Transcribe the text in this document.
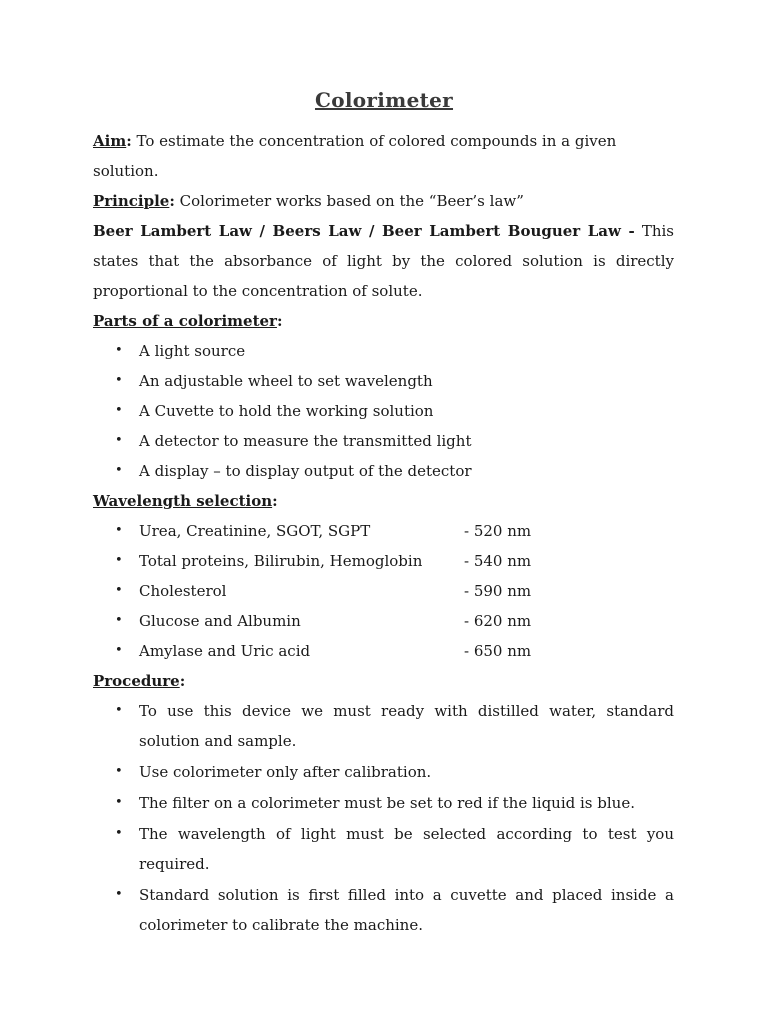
Colorimeter

Aim: To estimate the concentration of colored compounds in a given solution.

Principle: Colorimeter works based on the “Beer’s law”

Beer Lambert Law / Beers Law / Beer Lambert Bouguer Law - This states that the absorbance of light by the colored solution is directly proportional to the concentration of solute.

Parts of a colorimeter:

• A light source
• An adjustable wheel to set wavelength
• A Cuvette to hold the working solution
• A detector to measure the transmitted light
• A display – to display output of the detector

Wavelength selection:

• Urea, Creatinine, SGOT, SGPT	- 520 nm
• Total proteins, Bilirubin, Hemoglobin	- 540 nm
• Cholesterol	- 590 nm
• Glucose and Albumin	- 620 nm
• Amylase and Uric acid	- 650 nm

Procedure:

• To use this device we must ready with distilled water, standard solution and sample.
• Use colorimeter only after calibration.
• The filter on a colorimeter must be set to red if the liquid is blue.
• The wavelength of light must be selected according to test you required.
• Standard solution is first filled into a cuvette and placed inside a colorimeter to calibrate the machine.
